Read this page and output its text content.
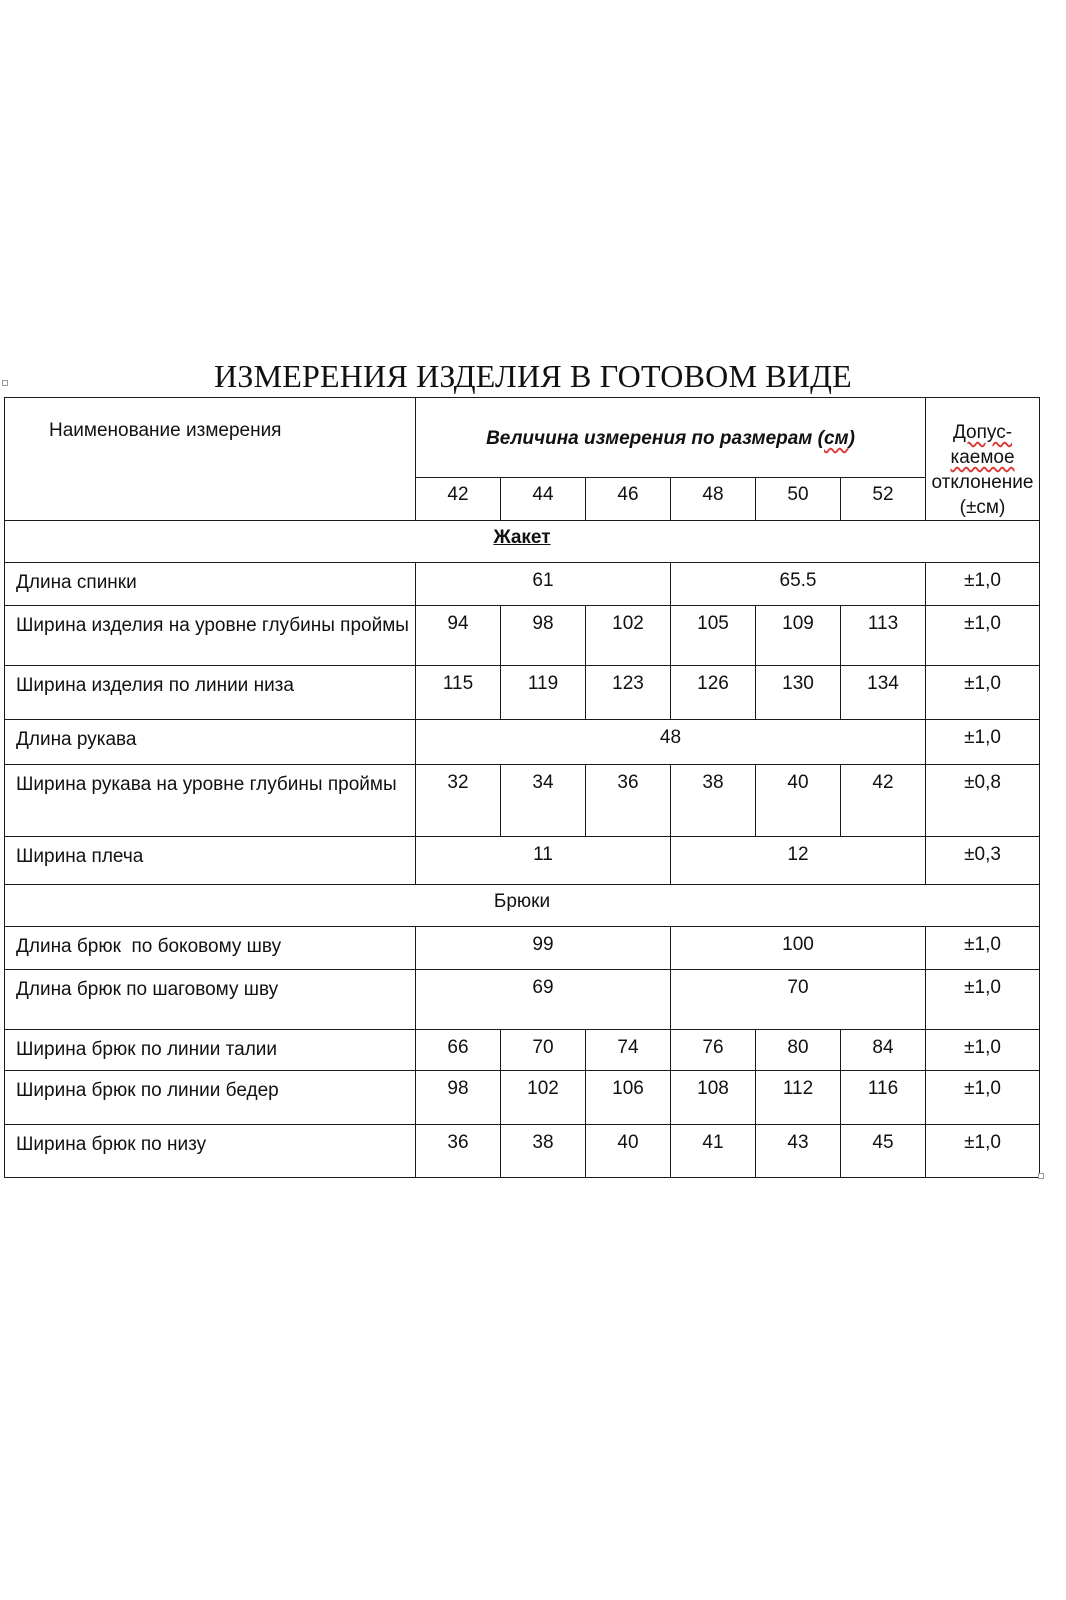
ИЗМЕРЕНИЯ ИЗДЕЛИЯ В ГОТОВОМ ВИДЕ
Наименование измерения	Величина измерения по размерам (см)						Допус-
каемое
отклонение
(±см)

	42	44	46	48	50	52	
Жакет							
Длина спинки	61			65.5			±1,0
Ширина изделия на уровне глубины проймы	94	98	102	105	109	113	±1,0
Ширина изделия по линии низа	115	119	123	126	130	134	±1,0
Длина рукава	48						±1,0
Ширина рукава на уровне глубины проймы	32	34	36	38	40	42	±0,8
Ширина плеча	11			12			±0,3
Брюки							
Длина брюк  по боковому шву	99			100			±1,0
Длина брюк по шаговому шву	69			70			±1,0
Ширина брюк по линии талии	66	70	74	76	80	84	±1,0
Ширина брюк по линии бедер	98	102	106	108	112	116	±1,0
Ширина брюк по низу	36	38	40	41	43	45	±1,0
